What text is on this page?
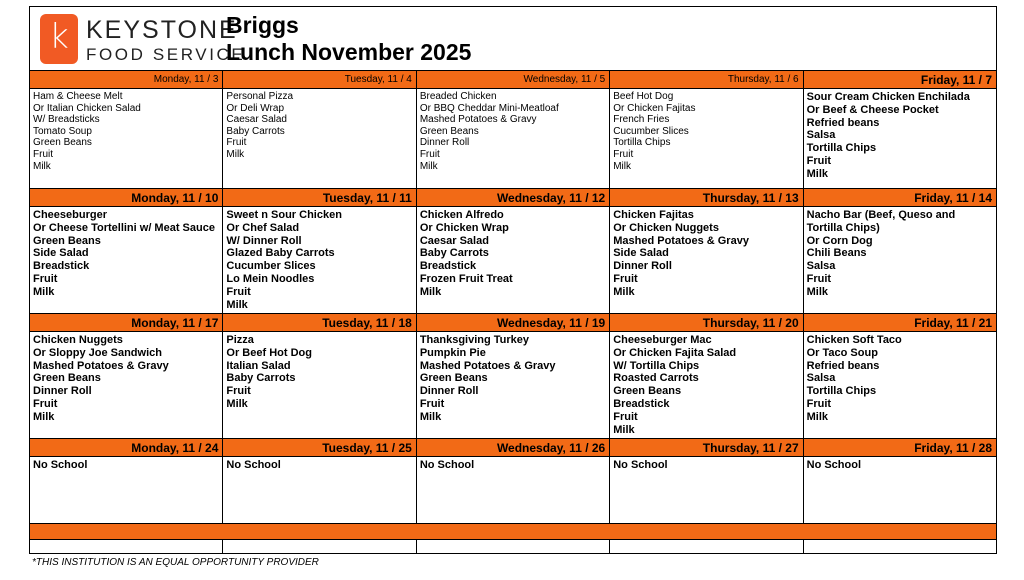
k KEYSTONE
FOOD SERVICE
Briggs
Lunch November 2025
Monday, 11 / 3
Ham & Cheese Melt
Or Italian Chicken Salad
W/ Breadsticks
Tomato Soup
Green Beans
Fruit
Milk
Tuesday, 11 / 4
Personal Pizza
Or Deli Wrap
Caesar Salad
Baby Carrots
Fruit
Milk
Wednesday, 11 / 5
Breaded Chicken
Or BBQ Cheddar Mini-Meatloaf
Mashed Potatoes & Gravy
Green Beans
Dinner Roll
Fruit
Milk
Thursday, 11 / 6
Beef Hot Dog
Or Chicken Fajitas
French Fries
Cucumber Slices
Tortilla Chips
Fruit
Milk
Friday, 11 / 7
Sour Cream Chicken Enchilada
Or Beef & Cheese Pocket
Refried beans
Salsa
Tortilla Chips
Fruit
Milk
Monday, 11 / 10
Cheeseburger
Or Cheese Tortellini w/ Meat Sauce
Green Beans
Side Salad
Breadstick
Fruit
Milk
Tuesday, 11 / 11
Sweet n Sour Chicken
Or Chef Salad
W/ Dinner Roll
Glazed Baby Carrots
Cucumber Slices
Lo Mein Noodles
Fruit
Milk
Wednesday, 11 / 12
Chicken Alfredo
Or Chicken Wrap
Caesar Salad
Baby Carrots
Breadstick
Frozen Fruit Treat
Milk
Thursday, 11 / 13
Chicken Fajitas
Or Chicken Nuggets
Mashed Potatoes & Gravy
Side Salad
Dinner Roll
Fruit
Milk
Friday, 11 / 14
Nacho Bar (Beef, Queso and
Tortilla Chips)
Or Corn Dog
Chili Beans
Salsa
Fruit
Milk
Monday, 11 / 17
Chicken Nuggets
Or Sloppy Joe Sandwich
Mashed Potatoes & Gravy
Green Beans
Dinner Roll
Fruit
Milk
Tuesday, 11 / 18
Pizza
Or Beef Hot Dog
Italian Salad
Baby Carrots
Fruit
Milk
Wednesday, 11 / 19
Thanksgiving Turkey
Pumpkin Pie
Mashed Potatoes & Gravy
Green Beans
Dinner Roll
Fruit
Milk
Thursday, 11 / 20
Cheeseburger Mac
Or Chicken Fajita Salad
W/ Tortilla Chips
Roasted Carrots
Green Beans
Breadstick
Fruit
Milk
Friday, 11 / 21
Chicken Soft Taco
Or Taco Soup
Refried beans
Salsa
Tortilla Chips
Fruit
Milk
Monday, 11 / 24
No School
Tuesday, 11 / 25
No School
Wednesday, 11 / 26
No School
Thursday, 11 / 27
No School
Friday, 11 / 28
No School
*THIS INSTITUTION IS AN EQUAL OPPORTUNITY PROVIDER
